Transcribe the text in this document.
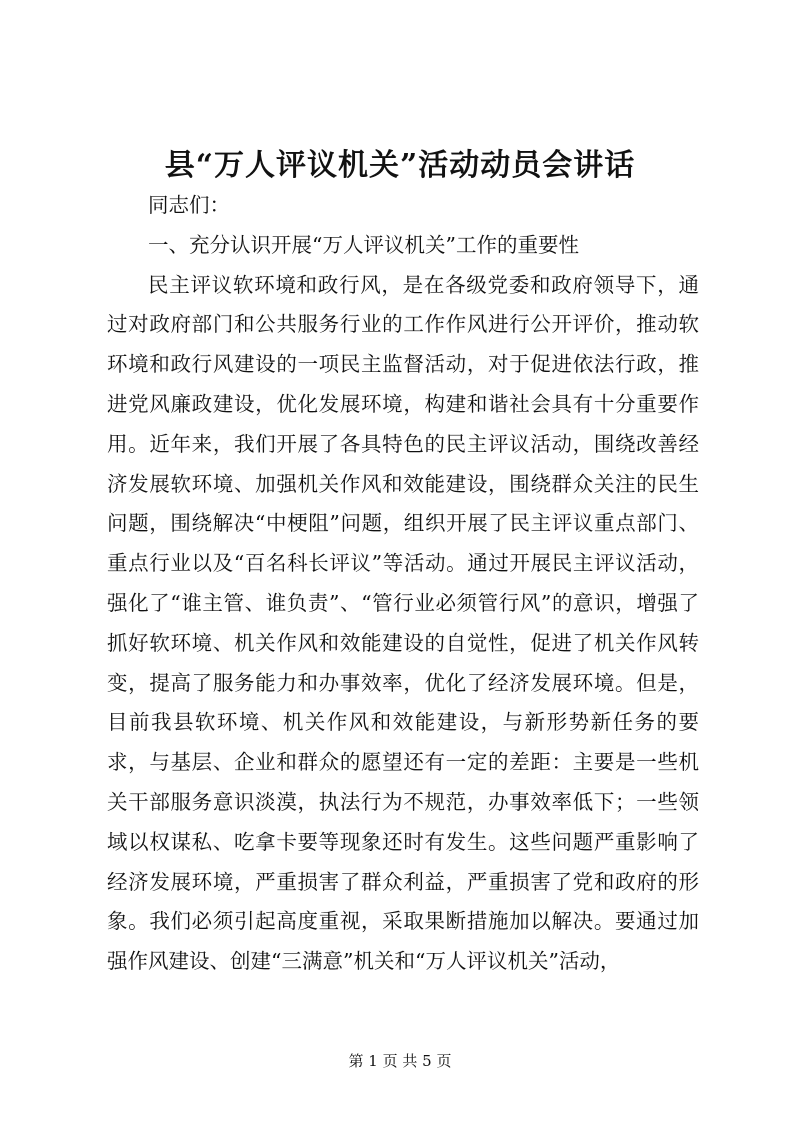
县“万人评议机关”活动动员会讲话

同志们：

一、充分认识开展“万人评议机关”工作的重要性

民主评议软环境和政行风，是在各级党委和政府领导下，通过对政府部门和公共服务行业的工作作风进行公开评价，推动软环境和政行风建设的一项民主监督活动，对于促进依法行政，推进党风廉政建设，优化发展环境，构建和谐社会具有十分重要作用。近年来，我们开展了各具特色的民主评议活动，围绕改善经济发展软环境、加强机关作风和效能建设，围绕群众关注的民生问题，围绕解决“中梗阻”问题，组织开展了民主评议重点部门、重点行业以及“百名科长评议”等活动。通过开展民主评议活动，强化了“谁主管、谁负责”、“管行业必须管行风”的意识，增强了抓好软环境、机关作风和效能建设的自觉性，促进了机关作风转变，提高了服务能力和办事效率，优化了经济发展环境。但是，目前我县软环境、机关作风和效能建设，与新形势新任务的要求，与基层、企业和群众的愿望还有一定的差距：主要是一些机关干部服务意识淡漠，执法行为不规范，办事效率低下；一些领域以权谋私、吃拿卡要等现象还时有发生。这些问题严重影响了经济发展环境，严重损害了群众利益，严重损害了党和政府的形象。我们必须引起高度重视，采取果断措施加以解决。要通过加强作风建设、创建“三满意”机关和“万人评议机关”活动，

第 1 页 共 5 页
